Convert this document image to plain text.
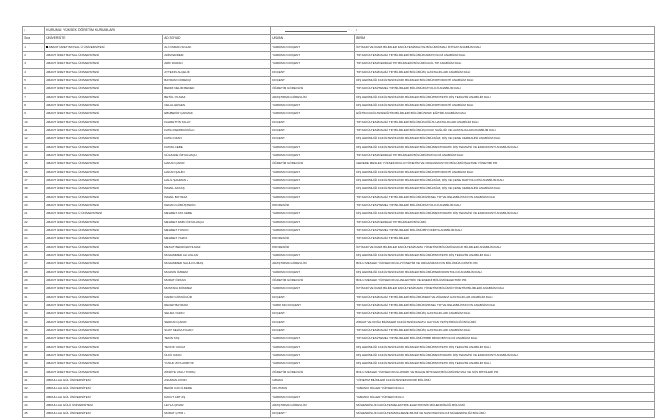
| .	KURUMU: YÜKSEK ÖĞRETİM KURUMLARI		......... , " - , 1	

Sıra	ÜNİVERSİTE	AD SOYAD	UNVAN	BİRİM
1	ABANT İZZET BAYSAL Ü ÜNİVERSİTESİ	ALİ OSMAN SOLAK	YARDIMCI DOÇENT	İKTİSADİ VE İDARİ BİLİMLER FAKÜLTESİ/MALİYE BÖLÜMÜ/MALİ İKTİSAT ANABİLİM DALI
2	ABANT İZZET BAYSAL ÜNİVERSİTESİ	ADİM ERDEM	YARDIMCI DOÇENT	TIP FAKÜLTESİ/DAHİLİ TIP BİLİMLERİ BÖLÜMÜ/KARDİYOLOJİ ANABİLİM DALI
3	ABANT İZZET BAYSAL ÜNİVERSİTESİ	ARİF DURAN	YARDIMCI DOÇENT	TIP FAKÜLTESİ/CERRAHİ TIP BİLİMLERİ BÖLÜMÜ/ACİL TIP ANABİLİM DALI
4	ABANT İZZET BAYSAL ÜNİVERSİTESİ	AYTEKİN ALÇELİK	DOÇENT	TIP FAKÜLTESİ/DAHİLİ TIP BİLİMLERİ BÖLÜMÜ/İÇ HASTALIKLARI ANABİLİM DALI
5	ABANT İZZET BAYSAL ÜNİVERSİTESİ	BAYRAM CÖREKÇİ	DOÇENT	DİŞ HEKİMLİĞİ FAKÜLTESİ/KLİNİK BİLİMLER BÖLÜMÜ/ORTODONTİ ANABİLİM DALI
6	ABANT İZZET BAYSAL ÜNİVERSİTESİ	BEDRİ NELİM BENEK	ÖĞRETİM GÖREVLİSİ	TIP FAKÜLTESİ/TEMEL TIP BİLİMLERİ BÖLÜMÜ/FİZYOLOJİ ANABİLİM DALI
7	ABANT İZZET BAYSAL ÜNİVERSİTESİ	BETÜL YILMAZ	ARAŞTIRMA GÖREVLİSİ	DİŞ HEKİMLİĞİ FAKÜLTESİ/KLİNİK BİLİMLER BÖLÜMÜ/PROTETİK DİŞ TEDAVİSİ ANABİLİM DALI
8	ABANT İZZET BAYSAL ÜNİVERSİTESİ	CELAL ERGEN	YARDIMCI DOÇENT	DİŞ HEKİMLİĞİ FAKÜLTESİ/KLİNİK BİLİMLER BÖLÜMÜ/ORTODONTİ ANABİLİM DALI
9	ABANT İZZET BAYSAL ÜNİVERSİTESİ	EBUBEKİR ÇAKMAK	YARDIMCI DOÇENT	EĞİTİM FAKÜLTESİ/EĞİTİM BİLİMLERİ BÖLÜMÜ/SINIF EĞİTİMİ ANABİLİM DALI
10	ABANT İZZET BAYSAL ÜNİVERSİTESİ	FAHRETTİN TALAY	DOÇENT	TIP FAKÜLTESİ/DAHİLİ TIP BİLİMLERİ BÖLÜMÜ/GÖĞÜS HASTALIKLARI ANABİLİM DALI
11	ABANT İZZET BAYSAL ÜNİVERSİTESİ	FATİH DEMİRCİOĞLU	DOÇENT	TIP FAKÜLTESİ/DAHİLİ TIP BİLİMLERİ BÖLÜMÜ/ÇOCUK SAĞLIĞI VE HASTALIKLARI ANABİLİM DALI
12	ABANT İZZET BAYSAL ÜNİVERSİTESİ	FATİH OZAN	DOÇENT	DİŞ HEKİMLİĞİ FAKÜLTESİ/KLİNİK BİLİMLER BÖLÜMÜ/AĞIZ, DİŞ VE ÇENE CERRAHİSİ ANABİLİM DALI
13	ABANT İZZET BAYSAL ÜNİVERSİTESİ	FATMA CEBE	YARDIMCI DOÇENT	DİŞ HEKİMLİĞİ FAKÜLTESİ/KLİNİK BİLİMLER BÖLÜMÜ/RESTORATİF DİŞ TEDAVİSİ VE ENDODONTİ ANABİLİM DALI
14	ABANT İZZET BAYSAL ÜNİVERSİTESİ	GÜLZADE ÖZYALVAÇLI	YARDIMCI DOÇENT	TIP FAKÜLTESİ/CERRAHİ TIP BİLİMLERİ BÖLÜMÜ/PATOLOJİ ANABİLİM DALI
15	ABANT İZZET BAYSAL ÜNİVERSİTESİ	HAKAN ÇAKIR	ÖĞRETİM GÖREVLİSİ	GEREDE MESLEK YÜKSEKOKULU/YÖNETİM VE ORGANİZASYON BÖLÜMÜ/İŞLETME YÖNETİMİ PR.
16	ABANT İZZET BAYSAL ÜNİVERSİTESİ	HAKAN ŞAHİN	YARDIMCI DOÇENT	DİŞ HEKİMLİĞİ FAKÜLTESİ/KLİNİK BİLİMLER BÖLÜMÜ/ORTODONTİ ANABİLİM DALI
17	ABANT İZZET BAYSAL ÜNİVERSİTESİ	HALİL ŞAHMAN •	YARDIMCI DOÇENT	DİŞ HEKİMLİĞİ FAKÜLTESİ/KLİNİK BİLİMLER BÖLÜMÜ/AĞIZ, DİŞ VE ÇENE RADYOLOJİSİ ANABİLİM DALI
18	ABANT İZZET BAYSAL ÜNİVERSİTESİ	İSMAİL AKKAŞ	YARDIMCI DOÇENT	DİŞ HEKİMLİĞİ FAKÜLTESİ/KLİNİK BİLİMLER BÖLÜMÜ/AĞIZ, DİŞ VE ÇENE CERRAHİSİ ANABİLİM DALI
19	ABANT İZZET BAYSAL ÜNİVERSİTESİ	İSMAİL BOYRAZ	YARDIMCI DOÇENT	TIP FAKÜLTESİ/DAHİLİ TIP BİLİMLERİ BÖLÜMÜ/FİZİKSEL TIP VE REHABİLİTASYON ANABİLİM DALI
20	ABANT İZZET BAYSAL ÜNİVERSİTESİ	KENAN GÜMÜŞTEKİN	PROFESÖR	TIP FAKÜLTESİ/TEMEL TIP BİLİMLERİ BÖLÜMÜ/FİZYOLOJİ ANABİLİM DALI
21	ABANT İZZET BAYSAL Ü ÜNİVERSİTESİ	MEHMET ATA CEBE	YARDIMCI DOÇENT	DİŞ HEKİMLİĞİ FAKÜLTESİ/KLİNİK BİLİMLER BÖLÜMÜ/RESTORATİF DİŞ TEDAVİSİ VE ENDODONTİ ANABİLİM DALI
22	ABANT İZZET BAYSAL ÜNİVERSİTESİ	MEHMET EMİN ÖZYALVAÇLI	YARDIMCI DOÇENT	TIP FAKÜLTESİ/CERRAHİ TIP BİLİMLERİ BÖLÜMÜ
23	ABANT İZZET BAYSAL ÜNİVERSİTESİ	MEHMET TOSUN	YARDIMCI DOÇENT	TIP FAKÜLTESİ/TEMEL TIP BİLİMLERİ BÖLÜMÜ/BİYOKİMYA ANABİLİM DALI
24	ABANT İZZET BAYSAL ÜNİVERSİTESİ	MEHMET YAZICI	PROFESÖR	TIP FAKÜLTESİ/DAHİLİ TIP BİLİMLERİ
25	ABANT İZZET BAYSAL ÜNİVERSİTESİ	MESUT BEDRİ ERYILMAZ	PROFESÖR	İKTİSADİ VE İDARİ BİLİMLER FAKÜLTESİ/KAMU YÖNETİMİ BÖLÜMÜ/HUKUK BİLİMLERİ ANABİLİM DALI
26	ABANT İZZET BAYSAL ÜNİVERSİTESİ	MUHAMMED ALİ ASLAN	YARDIMCI DOÇENT	DİŞ HEKİMLİĞİ FAKÜLTESİ/KLİNİK BİLİMLER BÖLÜMÜ/PROTETİK DİŞ TEDAVİSİ ANABİLİM DALI
27	ABANT İZZET BAYSAL ÜNİVERSİTESİ	MUHAMMED SALİH KUMAŞ	ARAŞTIRMA GÖREVLİSİ	BOLU MESLEK YÜKSEKOKULU/YÖNETİM VE ORGANİZASYON BÖLÜMÜ/LOJİSTİK PR.
28	ABANT İZZET BAYSAL ÜNİVERSİTESİ	MUHSİN ÖZDEM	YARDIMCI DOÇENT	DİŞ HEKİMLİĞİ FAKÜLTESİ/KLİNİK BİLİMLER BÖLÜMÜ/PERİODONTOLOJİ ANABİLİM DALI
29	ABANT İZZET BAYSAL ÜNİVERSİTESİ	MURAT ÖZKAN	ÖĞRETİM GÖREVLİSİ	BOLU MESLEK YÜKSEKOKULU/ELEKTRİK VE ENERJİ BÖLÜMÜ/ELEKTRİK PR.
30	ABANT İZZET BAYSAL ÜNİVERSİTESİ	MUSTAFA DÖNMEZ	YARDIMCI DOÇENT	İKTİSADİ VE İDARİ BİLİMLER FAKÜLTESİ/KAMU YÖNETİMİ BÖLÜMÜ/YÖNETİM BİLİMLERİ ANABİLİM DALI
31	ABANT İZZET BAYSAL ÜNİVERSİTESİ	NADİR GÖKSÜGÜR	DOÇENT	TIP FAKÜLTESİ/DAHİLİ TIP BİLİMLERİ BÖLÜMÜ/DERİ VE ZÜHREVİ HASTALIKLAR ANABİLİM DALI
32	ABANT İZZET BAYSAL ÜNİVERSİTESİ	RECEP BAYRAM	YARDI MCI DOÇENT	TIP FAKÜLTESİ/DAHİLİ TIP BİLİMLERİ BÖLÜMÜ/FİZİKSEL TIP VE REHABİLİTASYON ANABİLİM DALI
33	ABANT İZZET BAYSAL ÜNİVERSİTESİ	SELMA YAZICI	DOÇENT	TIP FAKÜLTESİ/DAHİLİ TIP BİLİMLERİ BÖLÜMÜ/İÇ HASTALIKLARI ANABİLİM DALI
34	ABANT İZZET BAYSAL ÜNİVERSİTESİ	SERKAN ÇAKIR	DOÇENT	ZİRAAT VE DOĞA BİLİMLERİ FAKÜLTESİ/KANATLI HAYVAN YETİŞTİRİCİLİĞİ BÖLÜMÜ
35	ABANT İZZET BAYSAL ÜNİVERSİTESİ	SUAT SELİM AYHAN '	DOÇENT	TIP FAKÜLTESİ/DAHİLİ TIP BİLİMLERİ BÖLÜMÜ/İÇ HASTALIKLARI ANABİLİM DALI
36	ABANT İZZET BAYSAL ÜNİVERSİTESİ	TEKİN TAŞ	YARDIMCI DOÇENT	TIP FAKÜLTESİ/TEMEL TIP BİLİMLERİ BÖLÜMÜ/TIBBİ MİKROBİYOLOJİ ANABİLİM DALI
37	ABANT İZZET BAYSAL ÜNİVERSİTESİ	TEVFİK YAVUZ	YARDIMCI DOÇENT	DİŞ HEKİMLİĞİ FAKÜLTESİ/KLİNİK BİLİMLER BÖLÜMÜ/PROTETİK DİŞ TEDAVİSİ ANABİLİM DALI
38	ABANT İZZET BAYSAL ÜNİVERSİTESİ	ÜLKÜ OZAN	YARDIMCI DOÇENT	DİŞ HEKİMLİĞİ FAKÜLTESİ/KLİNİK BİLİMLER BÖLÜMÜ/RESTORATİF DİŞ TEDAVİSİ VE ENDODONTİ ANABİLİM DALI
39	ABANT İZZET BAYSAL ÜNİVERSİTESİ	YUSUF ZİYA AKBIYIK	YARDIMCI DOÇENT	DİŞ HEKİMLİĞİ FAKÜLTESİ/KLİNİK BİLİMLER BÖLÜMÜ/PROTETİK DİŞ TEDAVİSİ ANABİLİM DALI
40	ABANT İZZET BAYSAL ÜNİVERSİTESİ	ZİKRİYE USLU TOPAÇ	ÖĞRETİM GÖREVLİSİ	BOLU MESLEK YÜKSEKOKULU/PARK VE BAHÇE BİTKİLERİ BÖLÜMÜ/PEYZAJ VE SÜS BİTKİLERİ PR.
41	ABDULLAH GÜL ÜNİVERSİTESİ	ASUMAN AYDIN	UZMAN	YÖNETİM BİLİMLERİ FAKÜLTESİ/EKONOMİ BÖLÜMÜ
42	ABDULLAH GÜL ÜNİVERSİTESİ	BEKİR CAN İLDERE	OKUTMAN	YABANCI DİLLER YÜKSEKOKULU
43	ABDULLAH GÜL ÜNİVERSİTESİ	DAVUT ART AŞ	YARDIMCI DOÇENT	YABANCI DİLLER YÜKSEKOKULU
44	ABDULLAH GÜLÜ ÜNİVERSİTESİ	LEYLA ÇINAR	ARAŞTIRMA GÖREVLİSİ	MÜHENDİSLİK FAKÜLTESİ/ELEKTRİK-ELEKTRONİK MÜHENDİSLİĞİ BÖLÜMÜ
45	ABDULLAH GÜL ÜNİVERSİTESİ	MURAT ÇITIR •	DOÇENT "	MÜHENDİSLİK FAKÜLTESİ/MALZEME BİLİMİ VE NANOTEKNOLOJİ MÜHENDİSLİĞİ BÖLÜMÜ
